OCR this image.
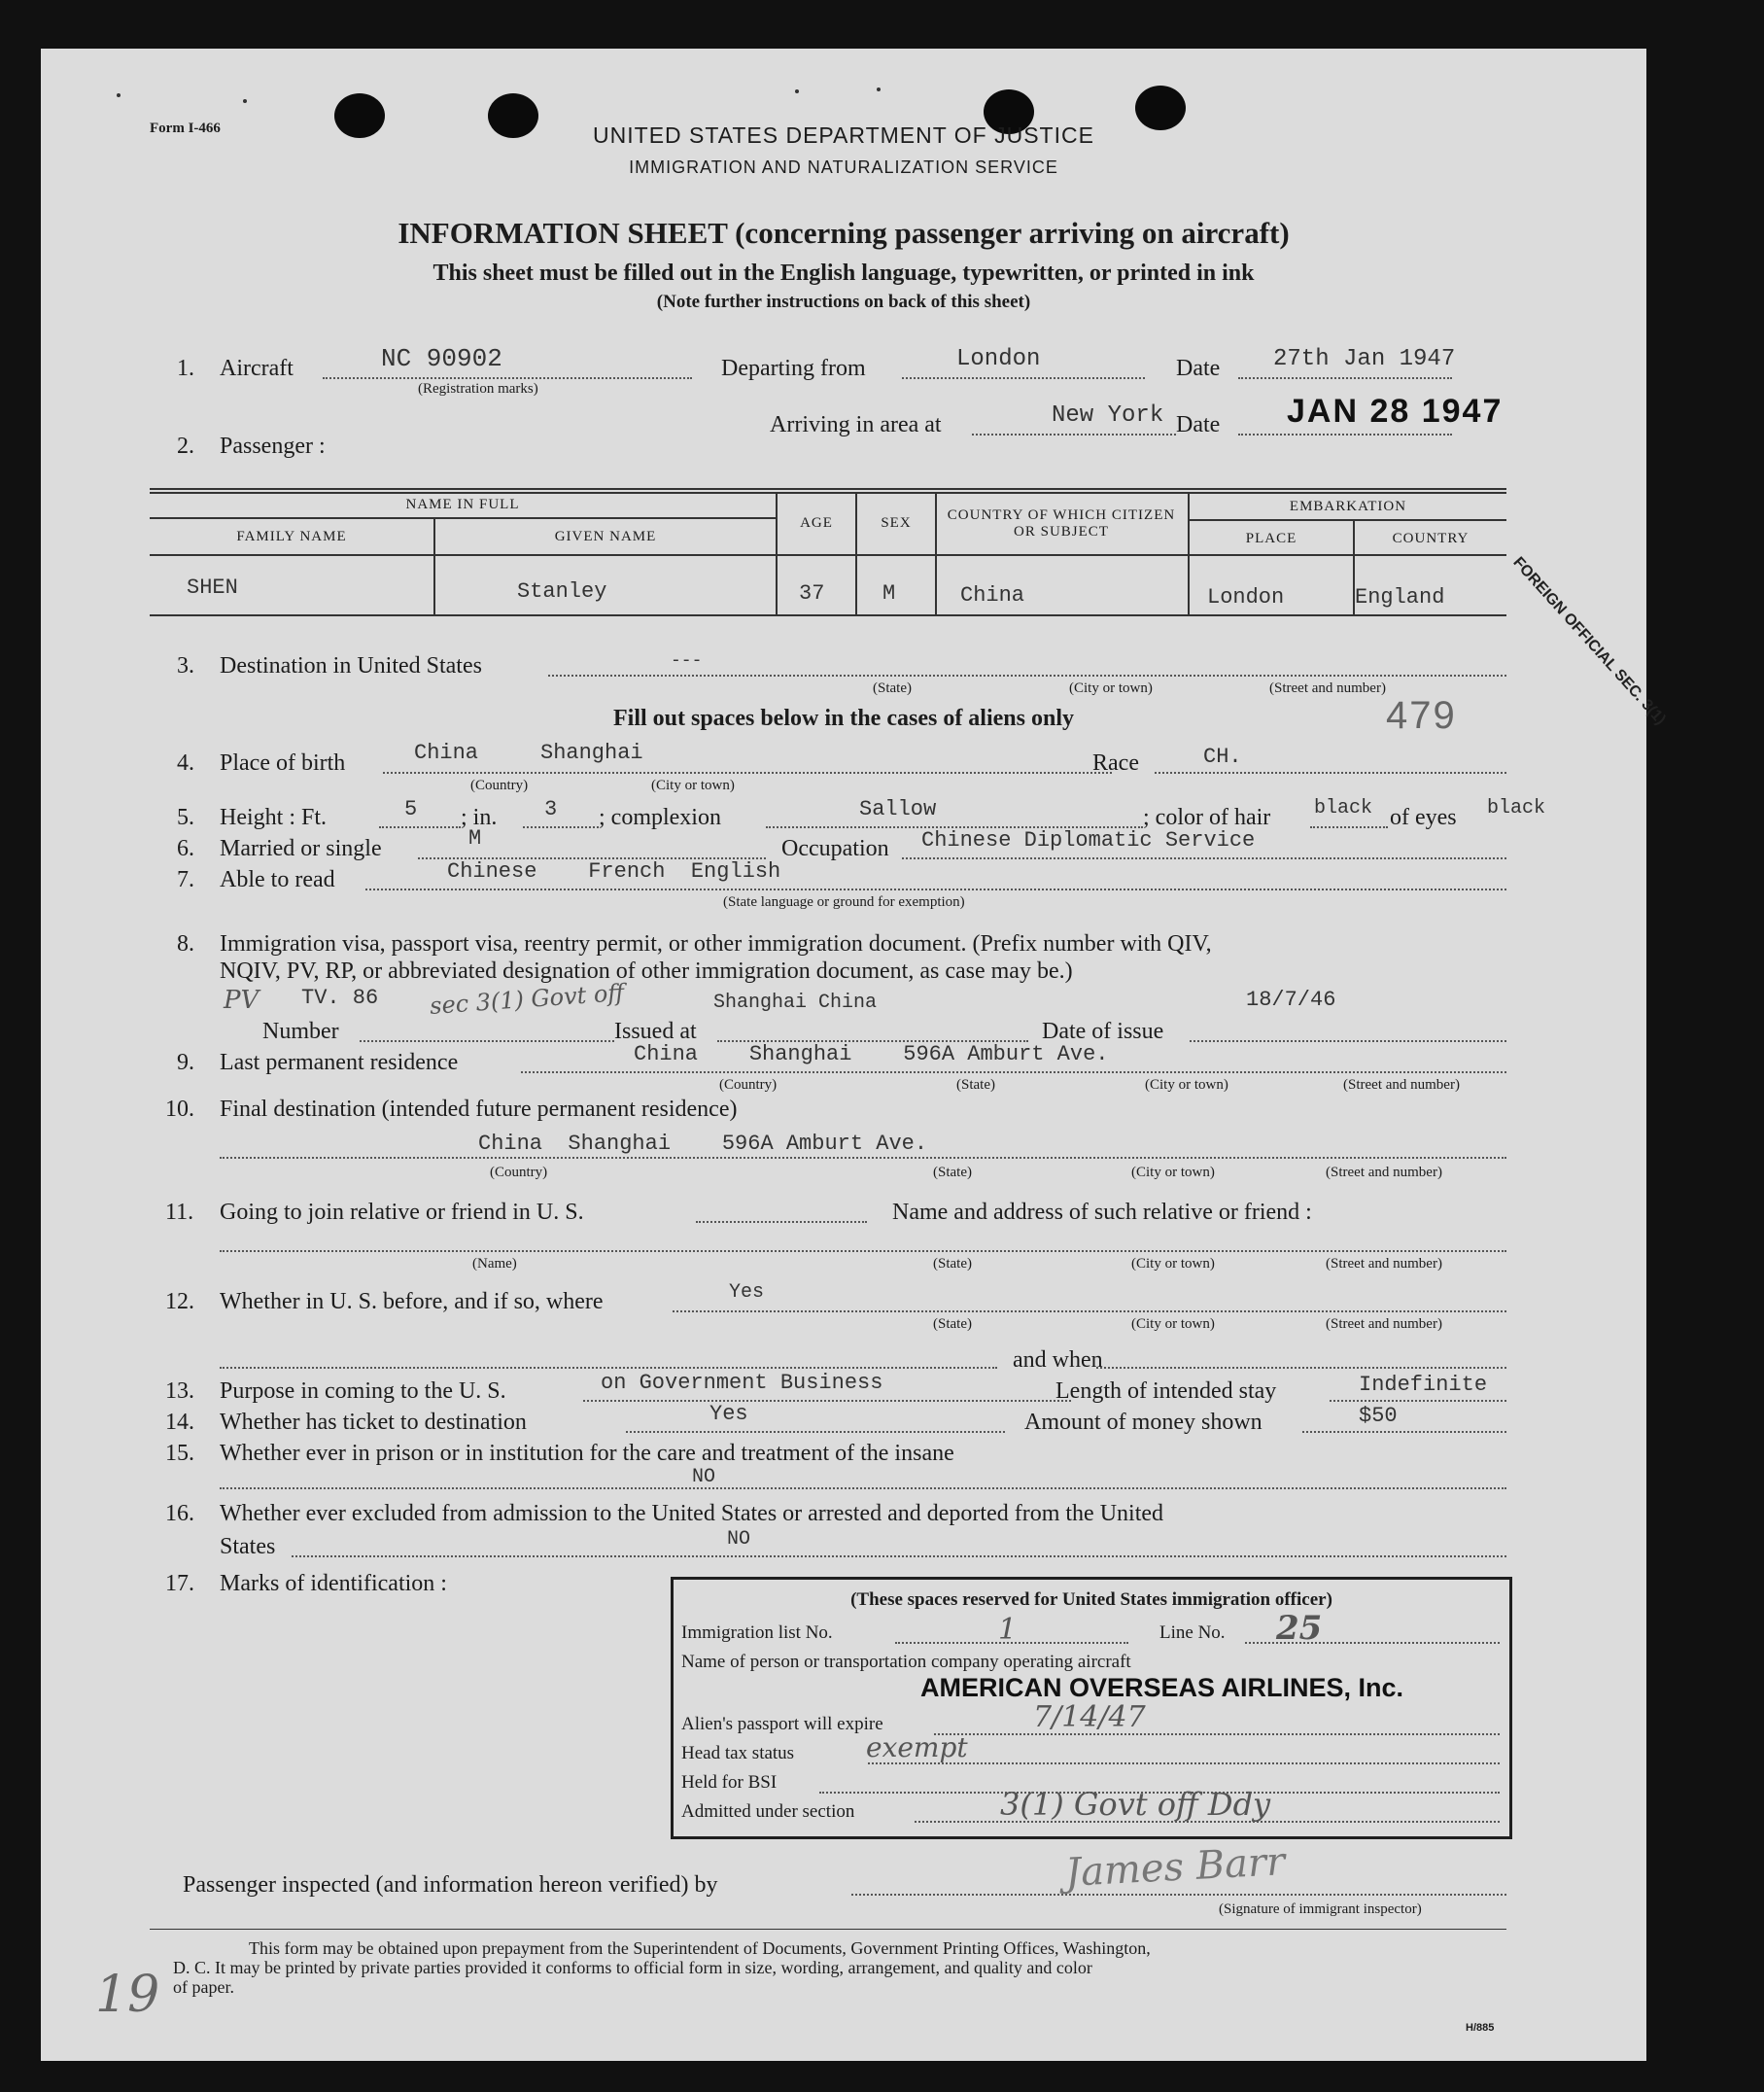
Form I-466	UNITED STATES DEPARTMENT OF JUSTICE
IMMIGRATION AND NATURALIZATION SERVICE
INFORMATION SHEET (concerning passenger arriving on aircraft)
This sheet must be filled out in the English language, typewritten, or printed in ink
(Note further instructions on back of this sheet)
1. Aircraft	NC 90902
(Registration marks)
Departing from	London	Date 27th Jan 1947
Arriving in area at	New York Date JAN 28 1947
2. Passenger :
NAME IN FULL
FAMILY NAME	GIVEN NAME
AGE	SEX	COUNTRY OF WHICH CITIZEN OR SUBJECT
EMBARKATION
PLACE	COUNTRY
SHEN	Stanley	37	M	China	London	England	FOREIGN OFFICIAL SEC. 3(1)
3. Destination in United States	---
(State)	(City or town)	(Street and number)
Fill out spaces below in the cases of aliens only	479
4. Place of birth	China	Shanghai
(Country)	(City or town)
Race	CH.
5. Height : Ft.	5 ; in. 3 ; complexion	Sallow	; color of hair black of eyes black
6. Married or single	M	Occupation Chinese Diplomatic Service
7. Able to read	Chinese    French  English
(State language or ground for exemption)
8. Immigration visa, passport visa, reentry permit, or other immigration document. (Prefix number with QIV,
NQIV, PV, RP, or abbreviated designation of other immigration document, as case may be.)
PV TV. 86 sec 3(1) Govt off	Shanghai China	18/7/46
Number	Issued at	Date of issue
9. Last permanent residence	China    Shanghai    596A Amburt Ave.
(Country)	(State)	(City or town)	(Street and number)
10. Final destination (intended future permanent residence)
China  Shanghai    596A Amburt Ave.
(Country)	(State)	(City or town)	(Street and number)
11. Going to join relative or friend in U. S.	Name and address of such relative or friend :
(Name)	(State)	(City or town)	(Street and number)
12. Whether in U. S. before, and if so, where	Yes
(State)	(City or town)	(Street and number)
and when
13. Purpose in coming to the U. S.	on Government Business	Length of intended stay	Indefinite
14. Whether has ticket to destination	Yes	Amount of money shown	$50
15. Whether ever in prison or in institution for the care and treatment of the insane
NO
16. Whether ever excluded from admission to the United States or arrested and deported from the United
States	NO
17. Marks of identification :
(These spaces reserved for United States immigration officer)
Immigration list No.	1	Line No. 25
Name of person or transportation company operating aircraft
AMERICAN OVERSEAS AIRLINES, Inc.
Alien's passport will expire	7/14/47
Head tax status	exempt
Held for BSI
Admitted under section	3(1) Govt off Ddy
Passenger inspected (and information hereon verified) by	James Barr
(Signature of immigrant inspector)
This form may be obtained upon prepayment from the Superintendent of Documents, Government Printing Offices, Washington,
D. C. It may be printed by private parties provided it conforms to official form in size, wording, arrangement, and quality and color
of paper.
H/885
19
